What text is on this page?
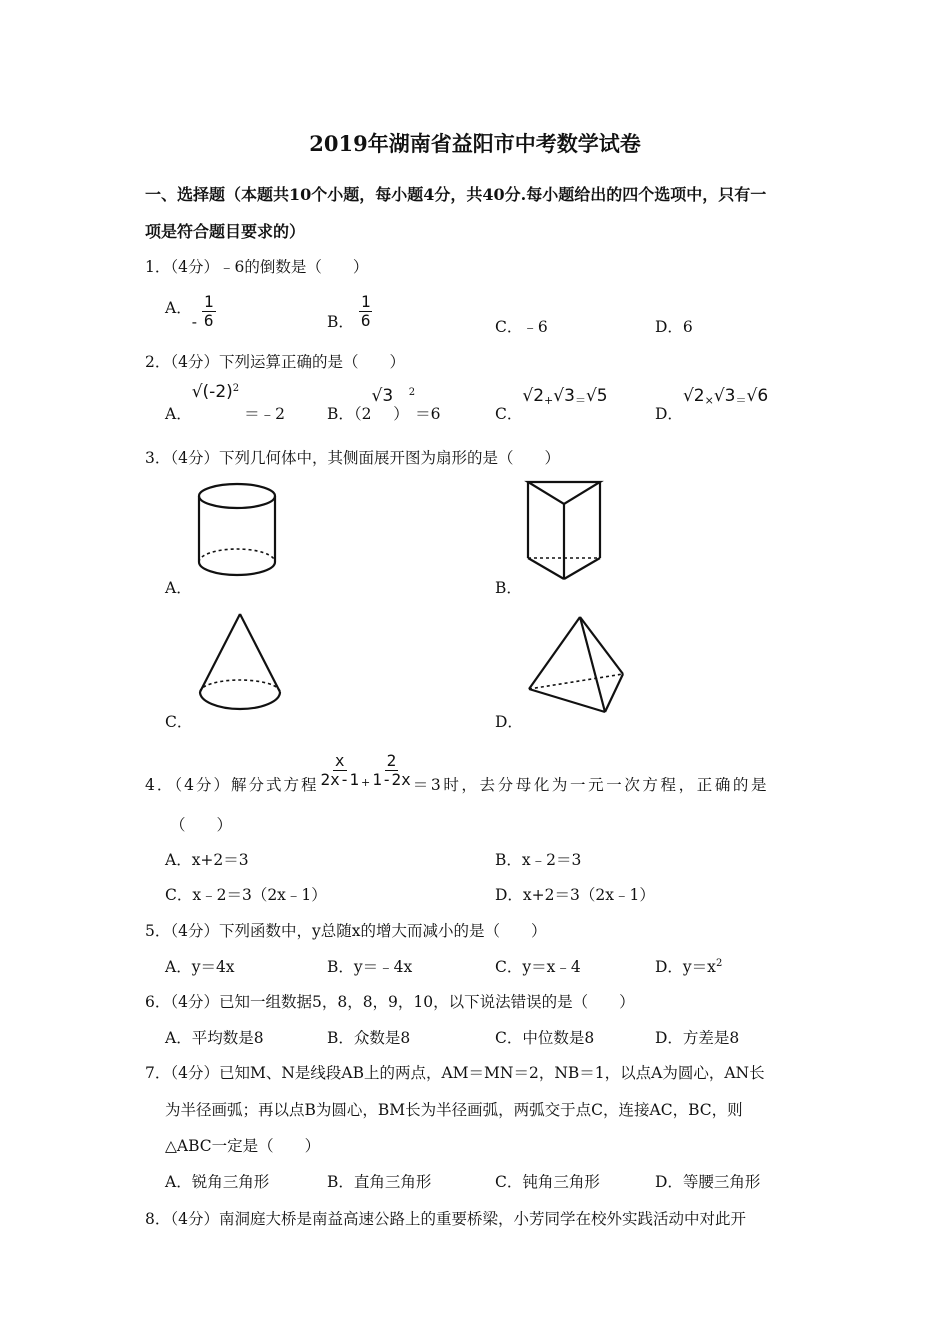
2019年湖南省益阳市中考数学试卷
一、选择题（本题共10个小题，每小题4分，共40分.每小题给出的四个选项中，只有一
项是符合题目要求的）
1．（4分）﹣6的倒数是（　　）
A．- $\frac{1}{6}$	B． $\frac{1}{6}$	C．﹣6	D．6
2．（4分）下列运算正确的是（　　）
A．$√(-2)^2$ ＝﹣2	B．$(2√3)^2=6$	C．√2+√3＝√5
D．√2×√3＝√6
3．（4分）下列几何体中，其侧面展开图为扇形的是（　　）
A．	B．
C．	D．
4．（4分）解分式方程 $\frac{x}{2x-1} _+ \frac{2}{1-2x} =3$时，去分母化为一元一次方程，正确的是
（　　）
A．x+2＝3	B．x﹣2＝3
C．x﹣2＝3（2x﹣1）	D．x+2＝3（2x﹣1）
5．（4分）下列函数中，y总随x的增大而减小的是（　　）
A．y＝4x	B．y＝﹣4x	C．y＝x﹣4	D．$y=x^2$
6．（4分）已知一组数据5，8，8，9，10，以下说法错误的是（　　）
A．平均数是8	B．众数是8	C．中位数是8	D．方差是8
7．（4分）已知M、N是线段AB上的两点，AM＝MN＝2，NB＝1，以点A为圆心，AN长
为半径画弧；再以点B为圆心，BM长为半径画弧，两弧交于点C，连接AC，BC，则
△ABC一定是（　　）
A．锐角三角形	B．直角三角形	C．钝角三角形	D．等腰三角形
8．（4分）南洞庭大桥是南益高速公路上的重要桥梁，小芳同学在校外实践活动中对此开
